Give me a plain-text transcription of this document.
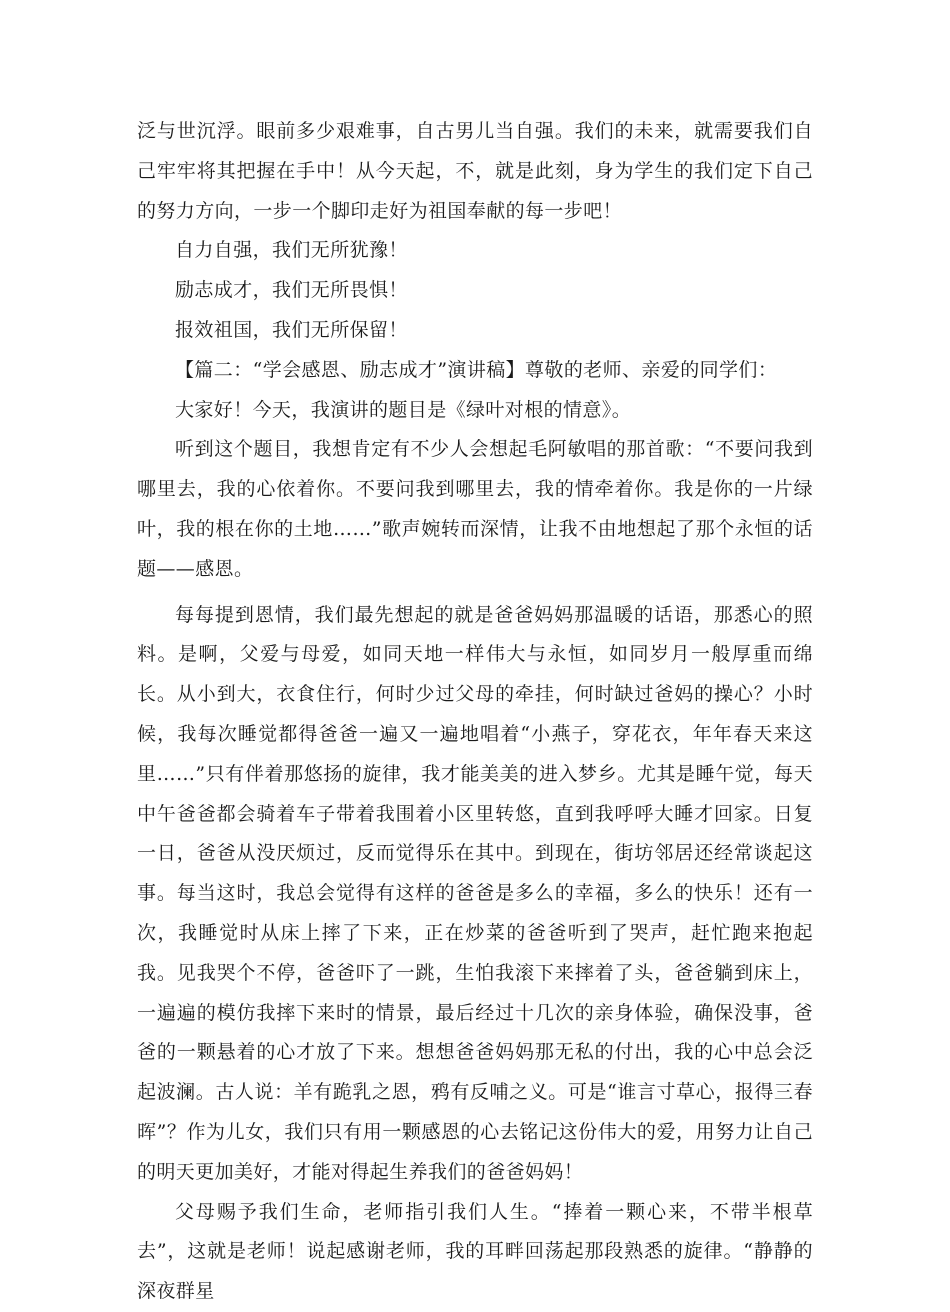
泛与世沉浮。眼前多少艰难事，自古男儿当自强。我们的未来，就需要我们自己牢牢将其把握在手中！从今天起，不，就是此刻，身为学生的我们定下自己的努力方向，一步一个脚印走好为祖国奉献的每一步吧！

自力自强，我们无所犹豫！

励志成才，我们无所畏惧！

报效祖国，我们无所保留！

【篇二：“学会感恩、励志成才”演讲稿】尊敬的老师、亲爱的同学们：

大家好！今天，我演讲的题目是《绿叶对根的情意》。

听到这个题目，我想肯定有不少人会想起毛阿敏唱的那首歌：“不要问我到哪里去，我的心依着你。不要问我到哪里去，我的情牵着你。我是你的一片绿叶，我的根在你的土地……”歌声婉转而深情，让我不由地想起了那个永恒的话题——感恩。

每每提到恩情，我们最先想起的就是爸爸妈妈那温暖的话语，那悉心的照料。是啊，父爱与母爱，如同天地一样伟大与永恒，如同岁月一般厚重而绵长。从小到大，衣食住行，何时少过父母的牵挂，何时缺过爸妈的操心？小时候，我每次睡觉都得爸爸一遍又一遍地唱着“小燕子，穿花衣，年年春天来这里……”只有伴着那悠扬的旋律，我才能美美的进入梦乡。尤其是睡午觉，每天中午爸爸都会骑着车子带着我围着小区里转悠，直到我呼呼大睡才回家。日复一日，爸爸从没厌烦过，反而觉得乐在其中。到现在，街坊邻居还经常谈起这事。每当这时，我总会觉得有这样的爸爸是多么的幸福，多么的快乐！还有一次，我睡觉时从床上摔了下来，正在炒菜的爸爸听到了哭声，赶忙跑来抱起我。见我哭个不停，爸爸吓了一跳，生怕我滚下来摔着了头，爸爸躺到床上，一遍遍的模仿我摔下来时的情景，最后经过十几次的亲身体验，确保没事，爸爸的一颗悬着的心才放了下来。想想爸爸妈妈那无私的付出，我的心中总会泛起波澜。古人说：羊有跪乳之恩，鸦有反哺之义。可是“谁言寸草心，报得三春晖”？作为儿女，我们只有用一颗感恩的心去铭记这份伟大的爱，用努力让自己的明天更加美好，才能对得起生养我们的爸爸妈妈！

父母赐予我们生命，老师指引我们人生。“捧着一颗心来，不带半根草去”，这就是老师！说起感谢老师，我的耳畔回荡起那段熟悉的旋律。“静静的深夜群星
